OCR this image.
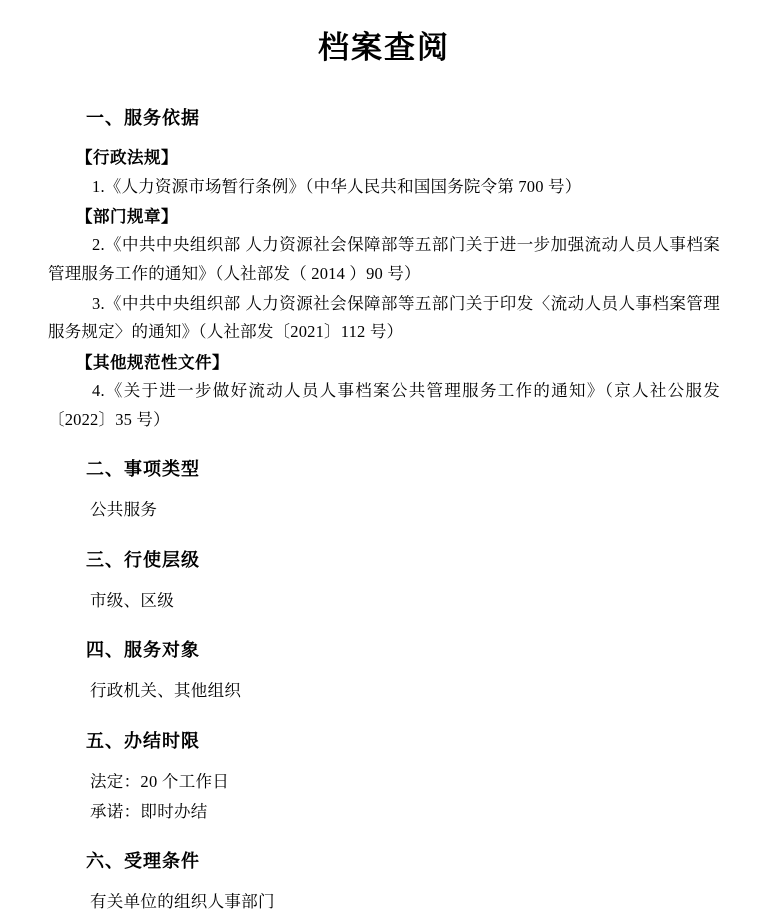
档案查阅
一、服务依据
【行政法规】

1.《人力资源市场暂行条例》（中华人民共和国国务院令第 700 号）

【部门规章】

2.《中共中央组织部 人力资源社会保障部等五部门关于进一步加强流动人员人事档案管理服务工作的通知》（人社部发（ 2014 ）90 号）

3.《中共中央组织部 人力资源社会保障部等五部门关于印发〈流动人员人事档案管理服务规定〉的通知》（人社部发〔2021〕112 号）

【其他规范性文件】

4.《关于进一步做好流动人员人事档案公共管理服务工作的通知》（京人社公服发〔2022〕35 号）

二、事项类型

公共服务

三、行使层级

市级、区级

四、服务对象

行政机关、其他组织

五、办结时限

法定：20 个工作日

承诺：即时办结

六、受理条件

有关单位的组织人事部门
